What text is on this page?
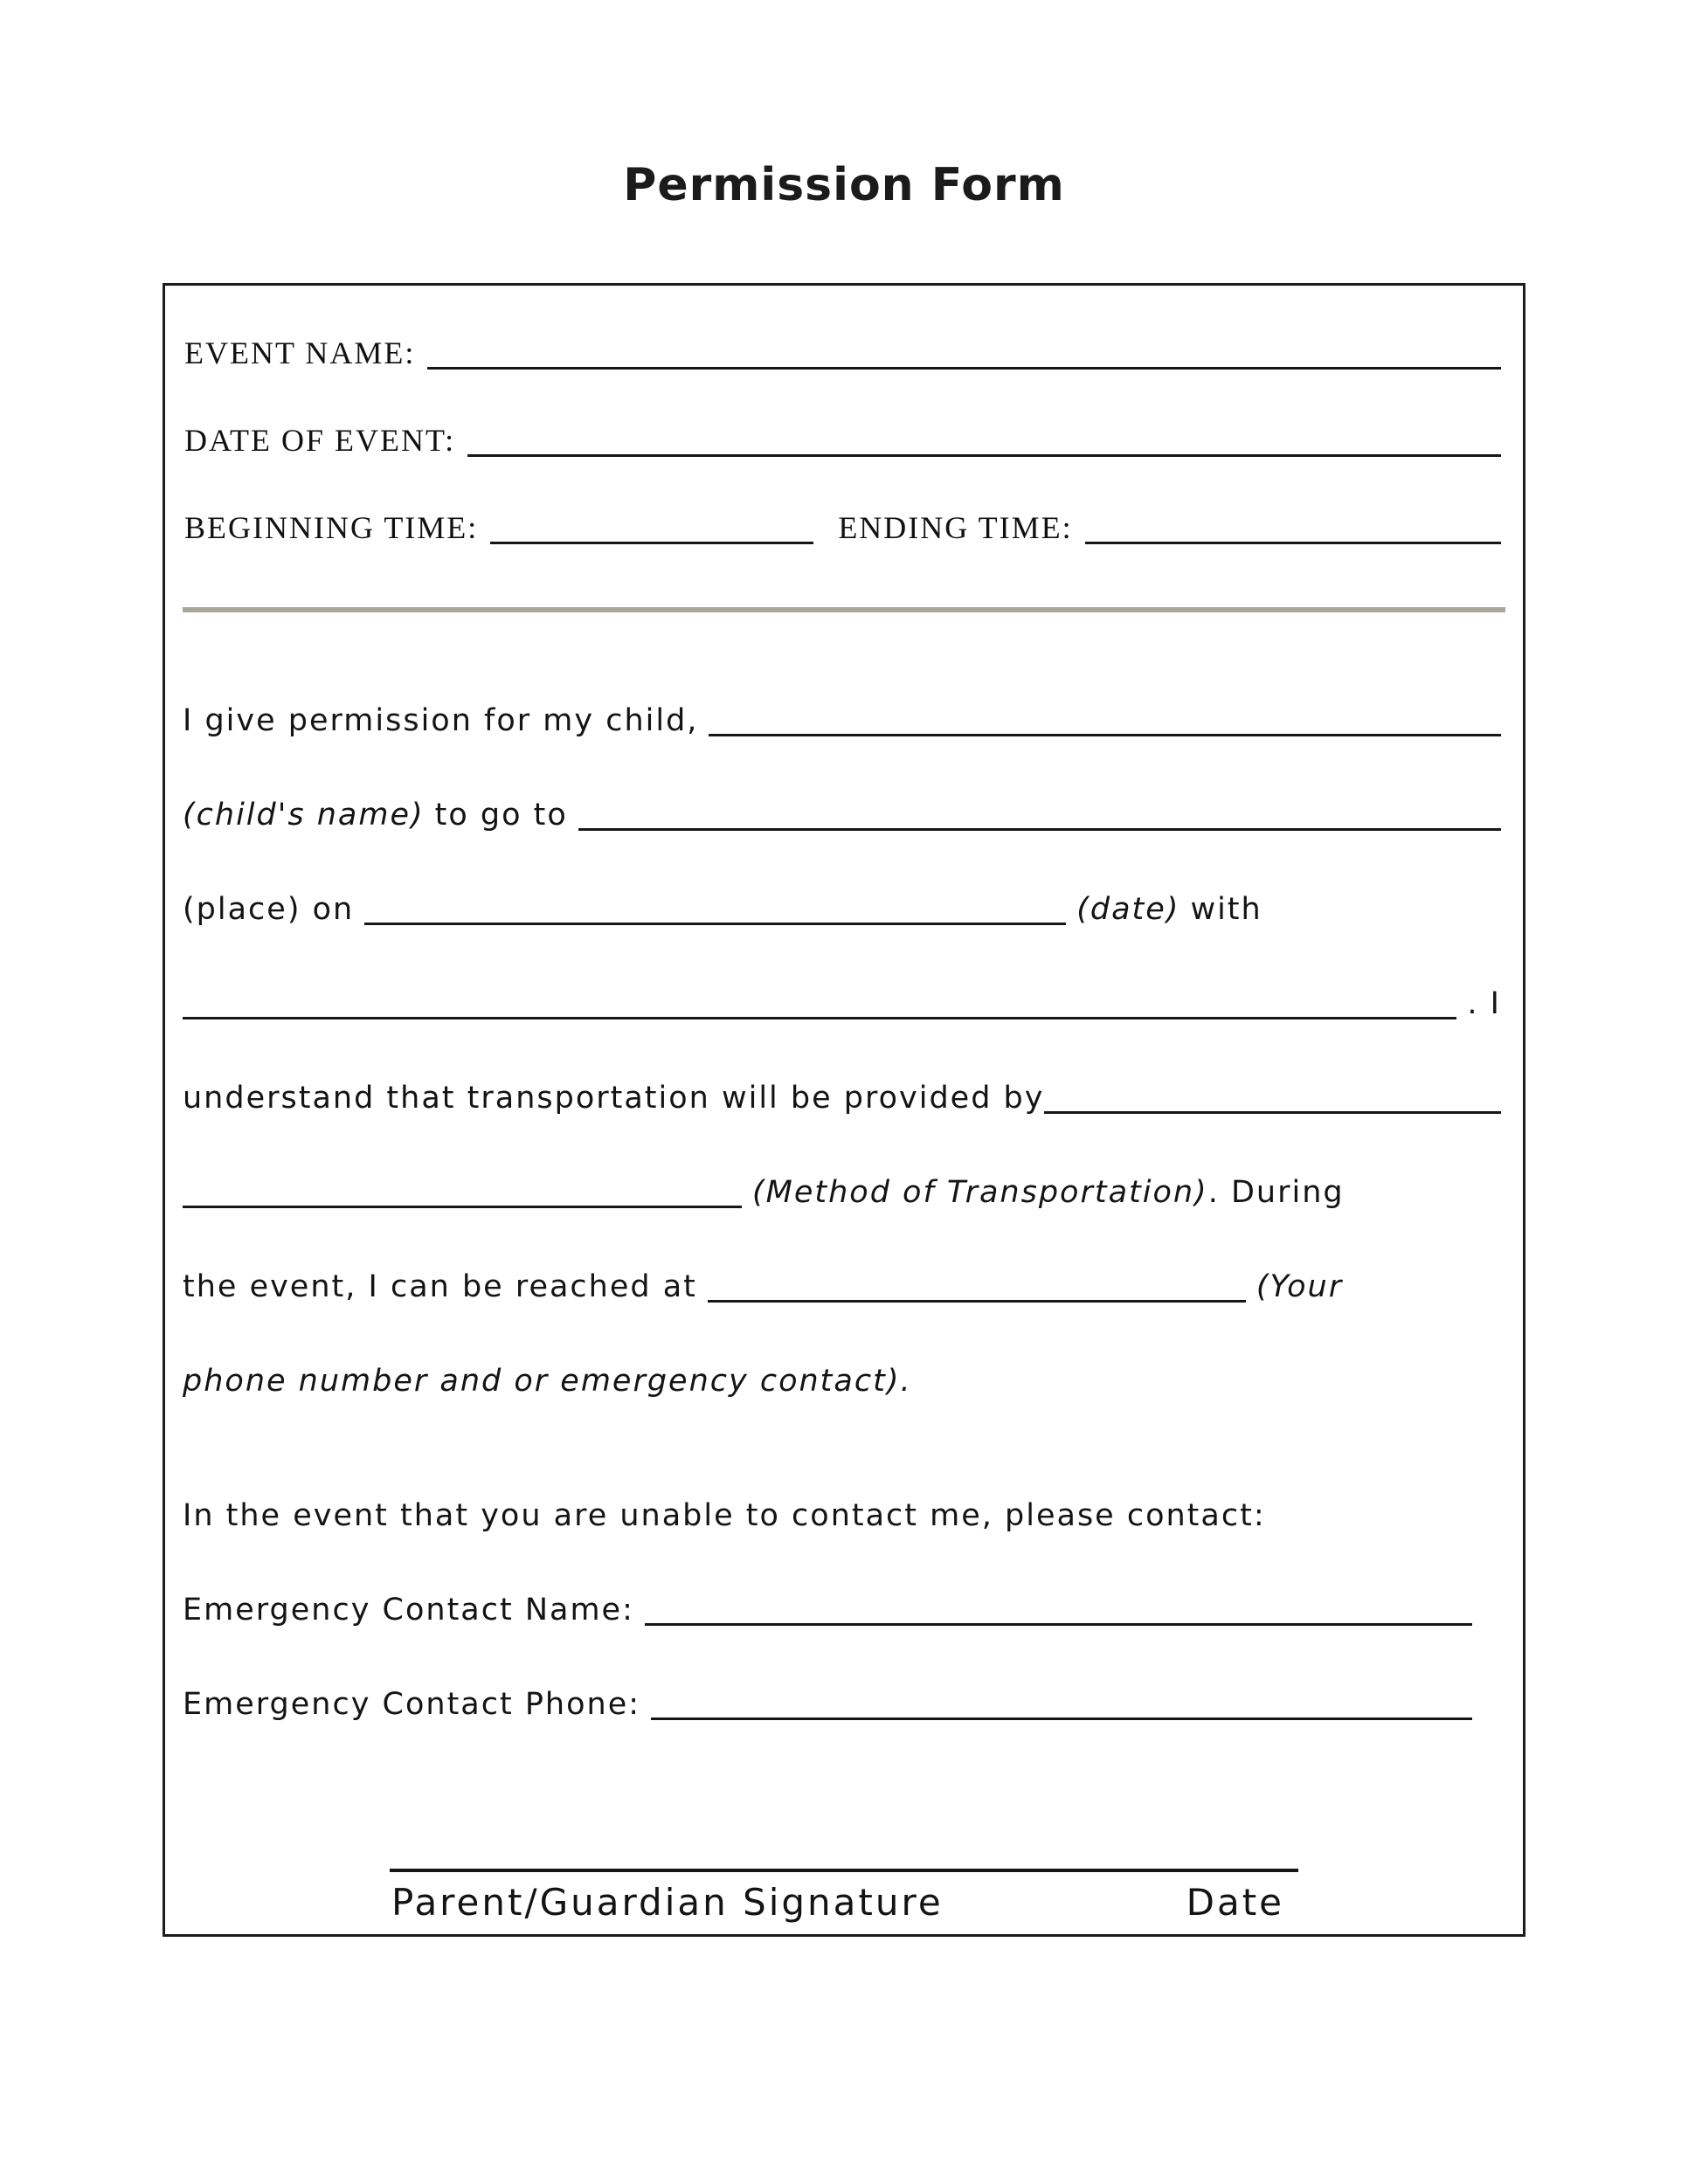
Permission Form
EVENT NAME:
DATE OF EVENT:
BEGINNING TIME:	ENDING TIME:
I give permission for my child,
(child's name) to go to
(place) on	(date) with
. I
understand that transportation will be provided by
(Method of Transportation) . During
the event, I can be reached at	(Your
phone number and or emergency contact).
In the event that you are unable to contact me, please contact:
Emergency Contact Name:
Emergency Contact Phone:
Parent/Guardian Signature	Date
